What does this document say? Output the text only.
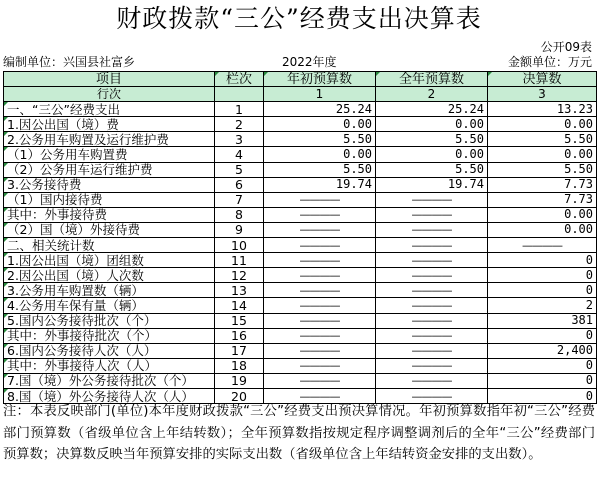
财政拨款“三公”经费支出决算表
公开09表
编制单位：兴国县社富乡	2022年度	金额单位：万元
项目	栏次	年初预算数	全年预算数	决算数
行次		1	2	3
一、“三公”经费支出	1	25.24	25.24	13.23
1.因公出国（境）费	2	0.00	0.00	0.00
2.公务用车购置及运行维护费	3	5.50	5.50	5.50
（1）公务用车购置费	4	0.00	0.00	0.00
（2）公务用车运行维护费	5	5.50	5.50	5.50
3.公务接待费	6	19.74	19.74	7.73
（1）国内接待费	7	————	————	7.73
其中：外事接待费	8	————	————	0.00
（2）国（境）外接待费	9	————	————	0.00
二、相关统计数	10	————	————	————
1.因公出国（境）团组数	11	————	————	0
2.因公出国（境）人次数	12	————	————	0
3.公务用车购置数（辆）	13	————	————	0
4.公务用车保有量（辆）	14	————	————	2
5.国内公务接待批次（个）	15	————	————	381
其中：外事接待批次（个）	16	————	————	0
6.国内公务接待人次（人）	17	————	————	2,400
其中：外事接待人次（人）	18	————	————	0
7.国（境）外公务接待批次（个）	19	————	————	0
8.国（境）外公务接待人次（人）	20	————	————	0
注：本表反映部门(单位)本年度财政拨款“三公”经费支出预决算情况。年初预算数指年初“三公”经费部门预算数（省级单位含上年结转数）；全年预算数指按规定程序调整调剂后的全年“三公”经费部门预算数；决算数反映当年预算安排的实际支出数（省级单位含上年结转资金安排的支出数）。
